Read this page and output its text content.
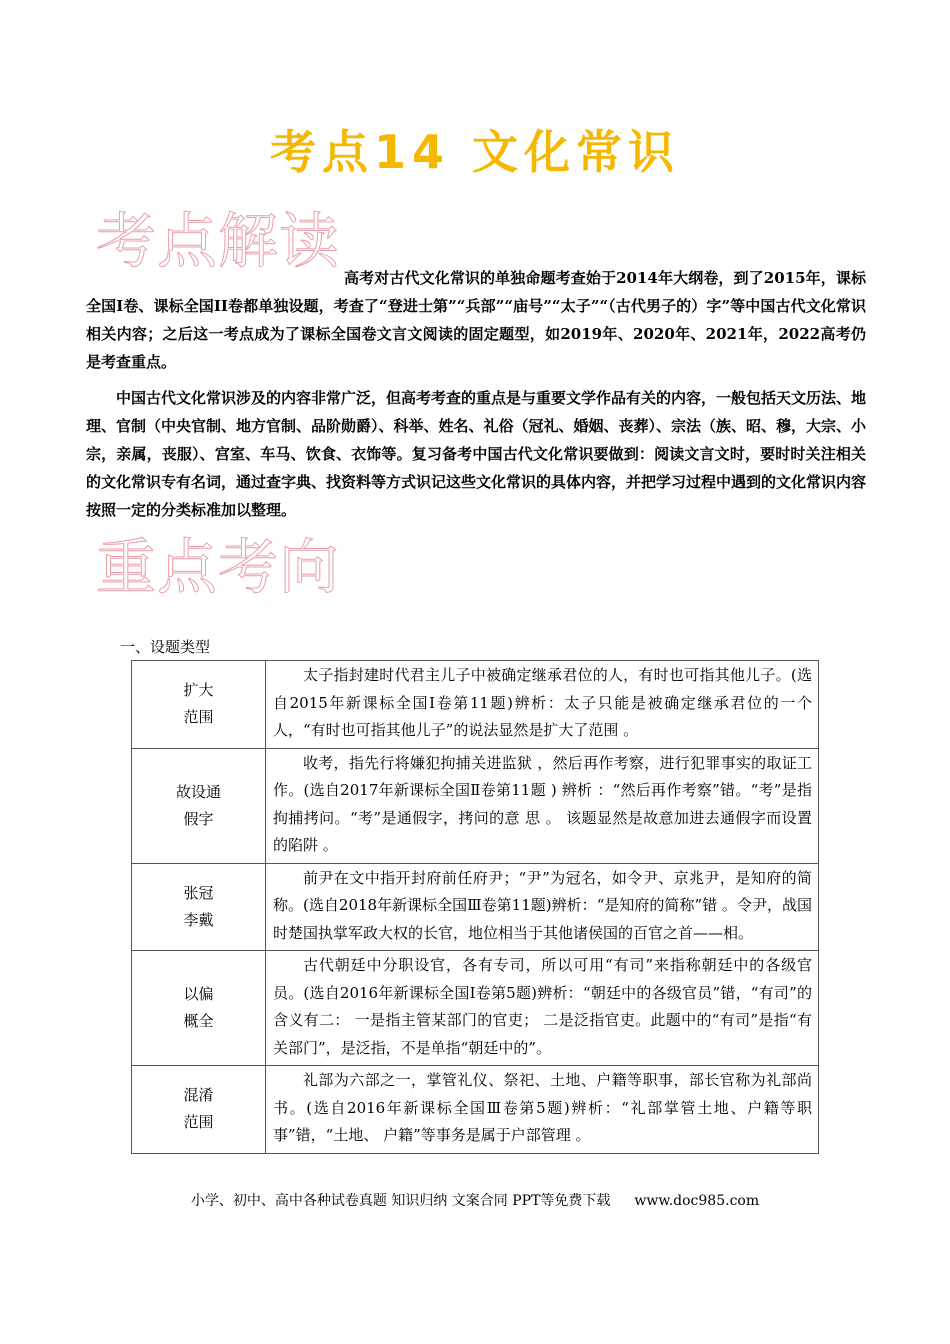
考点14 文化常识
考点解读

高考对古代文化常识的单独命题考查始于2014年大纲卷，到了2015年，课标全国I卷、课标全国II卷都单独设题，考查了“登进士第”“兵部”“庙号”“太子”“（古代男子的）字”等中国古代文化常识相关内容；之后这一考点成为了课标全国卷文言文阅读的固定题型，如2019年、2020年、2021年，2022高考仍是考查重点。

中国古代文化常识涉及的内容非常广泛，但高考考查的重点是与重要文学作品有关的内容，一般包括天文历法、地理、官制（中央官制、地方官制、品阶勋爵）、科举、姓名、礼俗（冠礼、婚姻、丧葬）、宗法（族、昭、穆，大宗、小宗，亲属，丧服）、宫室、车马、饮食、衣饰等。复习备考中国古代文化常识要做到：阅读文言文时，要时时关注相关的文化常识专有名词，通过查字典、找资料等方式识记这些文化常识的具体内容，并把学习过程中遇到的文化常识内容按照一定的分类标准加以整理。

重点考向
一、设题类型
扩大
范围	太子指封建时代君主儿子中被确定继承君位的人，有时也可指其他儿子。(选自2015年新课标全国I卷第11题)辨析：太子只能是被确定继承君位的一个人，“有时也可指其他儿子”的说法显然是扩大了范围 。

故设通
假字	收考，指先行将嫌犯拘捕关进监狱 ，然后再作考察，进行犯罪事实的取证工作。(选自2017年新课标全国Ⅱ卷第11题 ) 辨析 ：“然后再作考察”错。“考”是指拘捕拷问。“考”是通假字，拷问的意 思 。 该题显然是故意加进去通假字而设置的陷阱 。

张冠
李戴	前尹在文中指开封府前任府尹；“尹”为冠名，如令尹、京兆尹，是知府的简称。(选自2018年新课标全国Ⅲ卷第11题)辨析：“是知府的简称”错 。令尹，战国时楚国执掌军政大权的长官，地位相当于其他诸侯国的百官之首——相。

以偏
概全	古代朝廷中分职设官，各有专司，所以可用“有司”来指称朝廷中的各级官员。(选自2016年新课标全国I卷第5题)辨析：“朝廷中的各级官员”错，“有司”的含义有二： 一是指主管某部门的官吏； 二是泛指官吏。此题中的“有司”是指“有关部门”，是泛指，不是单指“朝廷中的”。

混淆
范围	礼部为六部之一，掌管礼仪、祭祀、土地、户籍等职事，部长官称为礼部尚书。(选自2016年新课标全国Ⅲ卷第5题)辨析：“礼部掌管土地、户籍等职事”错，“土地、 户籍”等事务是属于户部管理 。
小学、初中、高中各种试卷真题 知识归纳 文案合同 PPT等免费下载 www.doc985.com
